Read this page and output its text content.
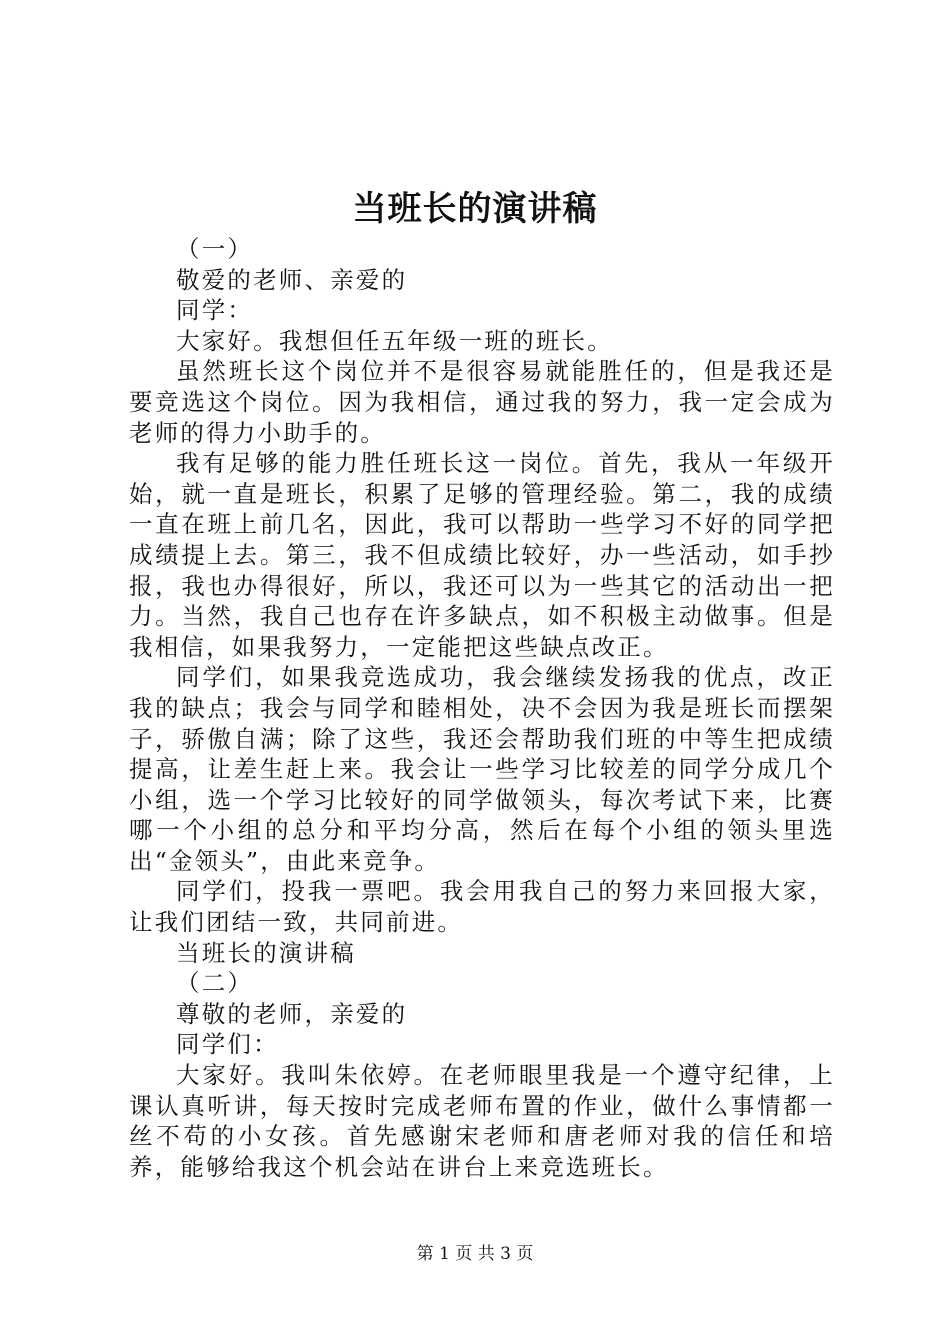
当班长的演讲稿

（一）

敬爱的老师、亲爱的

同学：

大家好。我想但任五年级一班的班长。

虽然班长这个岗位并不是很容易就能胜任的，但是我还是要竞选这个岗位。因为我相信，通过我的努力，我一定会成为老师的得力小助手的。

我有足够的能力胜任班长这一岗位。首先，我从一年级开始，就一直是班长，积累了足够的管理经验。第二，我的成绩一直在班上前几名，因此，我可以帮助一些学习不好的同学把成绩提上去。第三，我不但成绩比较好，办一些活动，如手抄报，我也办得很好，所以，我还可以为一些其它的活动出一把力。当然，我自己也存在许多缺点，如不积极主动做事。但是我相信，如果我努力，一定能把这些缺点改正。

同学们，如果我竞选成功，我会继续发扬我的优点，改正我的缺点；我会与同学和睦相处，决不会因为我是班长而摆架子，骄傲自满；除了这些，我还会帮助我们班的中等生把成绩提高，让差生赶上来。我会让一些学习比较差的同学分成几个小组，选一个学习比较好的同学做领头，每次考试下来，比赛哪一个小组的总分和平均分高，然后在每个小组的领头里选出“金领头”，由此来竞争。

同学们，投我一票吧。我会用我自己的努力来回报大家，让我们团结一致，共同前进。

当班长的演讲稿

（二）

尊敬的老师，亲爱的

同学们：

大家好。我叫朱依婷。在老师眼里我是一个遵守纪律，上课认真听讲，每天按时完成老师布置的作业，做什么事情都一丝不苟的小女孩。首先感谢宋老师和唐老师对我的信任和培养，能够给我这个机会站在讲台上来竞选班长。

第 1 页 共 3 页
